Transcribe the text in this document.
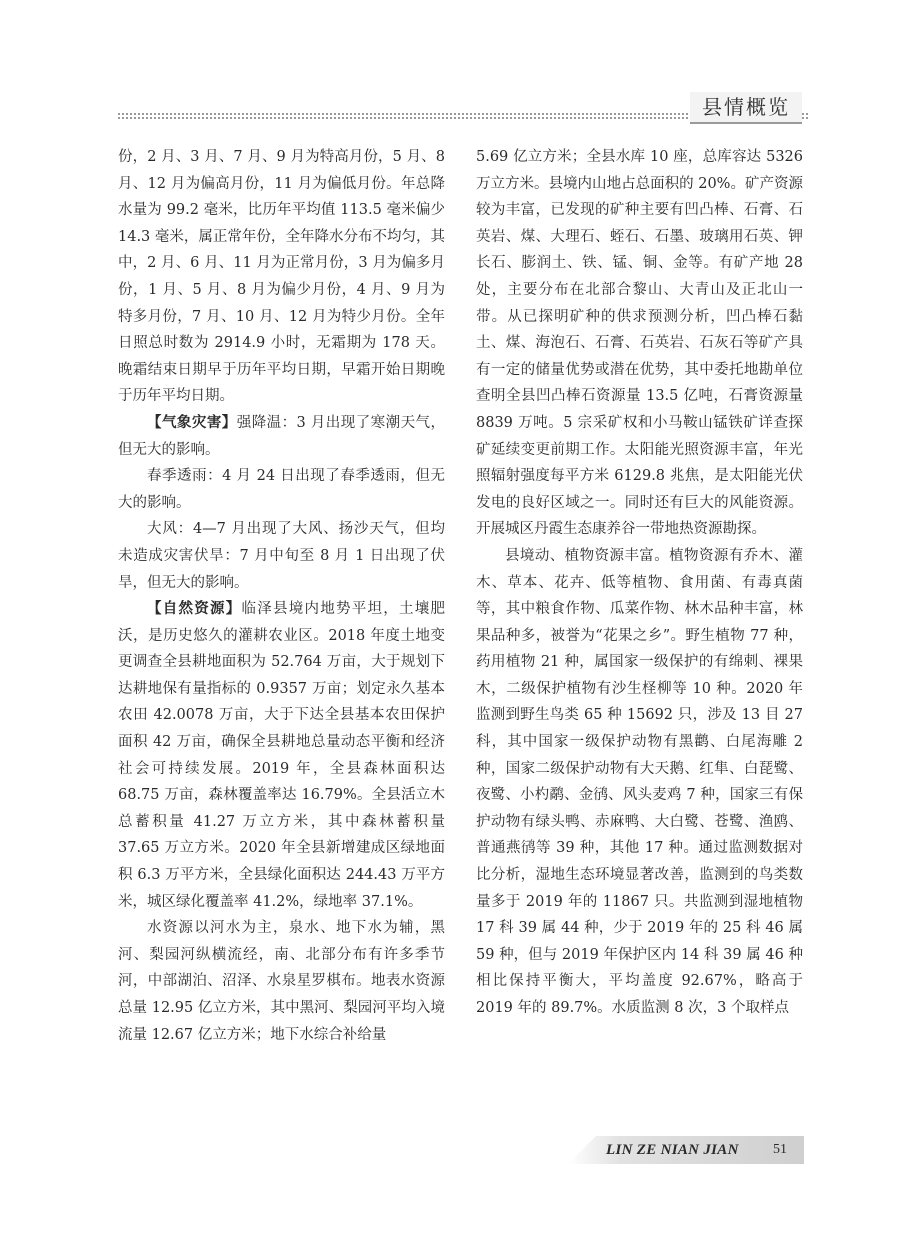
县情概览

份，2 月、3 月、7 月、9 月为特高月份，5 月、8 月、12 月为偏高月份，11 月为偏低月份。年总降水量为 99.2 毫米，比历年平均值 113.5 毫米偏少 14.3 毫米，属正常年份，全年降水分布不均匀，其中，2 月、6 月、11 月为正常月份，3 月为偏多月份，1 月、5 月、8 月为偏少月份，4 月、9 月为特多月份，7 月、10 月、12 月为特少月份。全年日照总时数为 2914.9 小时，无霜期为 178 天。晚霜结束日期早于历年平均日期，早霜开始日期晚于历年平均日期。

【气象灾害】强降温：3 月出现了寒潮天气，但无大的影响。

春季透雨：4 月 24 日出现了春季透雨，但无大的影响。

大风：4—7 月出现了大风、扬沙天气，但均未造成灾害伏旱：7 月中旬至 8 月 1 日出现了伏旱，但无大的影响。

【自然资源】临泽县境内地势平坦，土壤肥沃，是历史悠久的灌耕农业区。2018 年度土地变更调查全县耕地面积为 52.764 万亩，大于规划下达耕地保有量指标的 0.9357 万亩；划定永久基本农田 42.0078 万亩，大于下达全县基本农田保护面积 42 万亩，确保全县耕地总量动态平衡和经济社会可持续发展。2019 年，全县森林面积达 68.75 万亩，森林覆盖率达 16.79%。全县活立木总蓄积量 41.27 万立方米，其中森林蓄积量 37.65 万立方米。2020 年全县新增建成区绿地面积 6.3 万平方米，全县绿化面积达 244.43 万平方米，城区绿化覆盖率 41.2%，绿地率 37.1%。

水资源以河水为主，泉水、地下水为辅，黑河、梨园河纵横流经，南、北部分布有许多季节河，中部湖泊、沼泽、水泉星罗棋布。地表水资源总量 12.95 亿立方米，其中黑河、梨园河平均入境流量 12.67 亿立方米；地下水综合补给量

5.69 亿立方米；全县水库 10 座，总库容达 5326 万立方米。县境内山地占总面积的 20%。矿产资源较为丰富，已发现的矿种主要有凹凸棒、石膏、石英岩、煤、大理石、蛭石、石墨、玻璃用石英、钾长石、膨润土、铁、锰、铜、金等。有矿产地 28 处，主要分布在北部合黎山、大青山及正北山一带。从已探明矿种的供求预测分析，凹凸棒石黏土、煤、海泡石、石膏、石英岩、石灰石等矿产具有一定的储量优势或潜在优势，其中委托地勘单位查明全县凹凸棒石资源量 13.5 亿吨，石膏资源量 8839 万吨。5 宗采矿权和小马鞍山锰铁矿详查探矿延续变更前期工作。太阳能光照资源丰富，年光照辐射强度每平方米 6129.8 兆焦，是太阳能光伏发电的良好区域之一。同时还有巨大的风能资源。开展城区丹霞生态康养谷一带地热资源勘探。

县境动、植物资源丰富。植物资源有乔木、灌木、草本、花卉、低等植物、食用菌、有毒真菌等，其中粮食作物、瓜菜作物、林木品种丰富，林果品种多，被誉为“花果之乡”。野生植物 77 种，药用植物 21 种，属国家一级保护的有绵刺、裸果木，二级保护植物有沙生柽柳等 10 种。2020 年监测到野生鸟类 65 种 15692 只，涉及 13 目 27 科，其中国家一级保护动物有黑鹳、白尾海雕 2 种，国家二级保护动物有大天鹅、红隼、白琵鹭、夜鹭、小杓鹬、金鸻、风头麦鸡 7 种，国家三有保护动物有绿头鸭、赤麻鸭、大白鹭、苍鹭、渔鸥、普通燕鸻等 39 种，其他 17 种。通过监测数据对比分析，湿地生态环境显著改善，监测到的鸟类数量多于 2019 年的 11867 只。共监测到湿地植物 17 科 39 属 44 种，少于 2019 年的 25 科 46 属 59 种，但与 2019 年保护区内 14 科 39 属 46 种相比保持平衡大，平均盖度 92.67%，略高于 2019 年的 89.7%。水质监测 8 次，3 个取样点

LIN ZE NIAN JIAN 51
